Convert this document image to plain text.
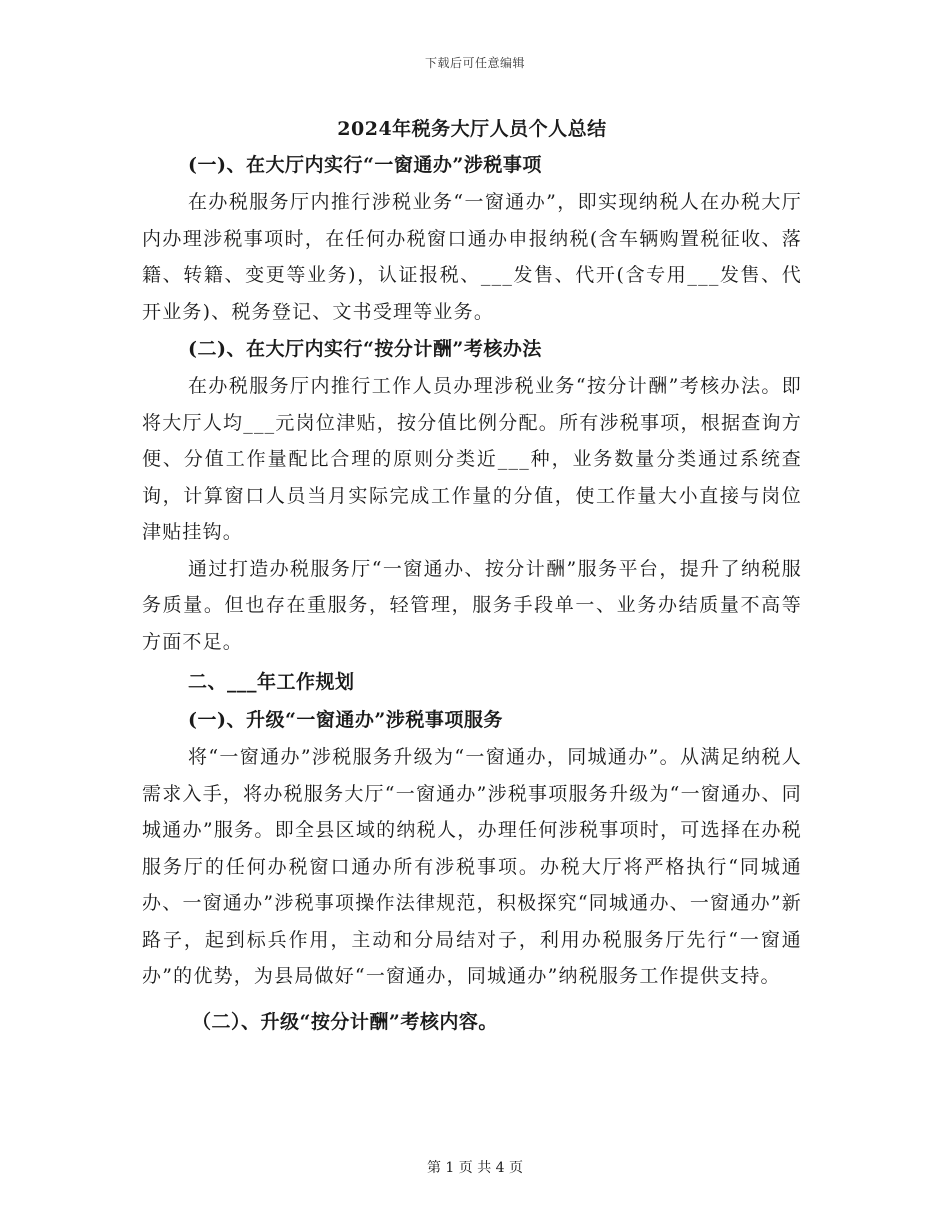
下载后可任意编辑
2024年税务大厅人员个人总结
(一)、在大厅内实行“一窗通办”涉税事项

在办税服务厅内推行涉税业务“一窗通办”，即实现纳税人在办税大厅内办理涉税事项时，在任何办税窗口通办申报纳税(含车辆购置税征收、落籍、转籍、变更等业务)，认证报税、___发售、代开(含专用___发售、代开业务)、税务登记、文书受理等业务。

(二)、在大厅内实行“按分计酬”考核办法

在办税服务厅内推行工作人员办理涉税业务“按分计酬”考核办法。即将大厅人均___元岗位津贴，按分值比例分配。所有涉税事项，根据查询方便、分值工作量配比合理的原则分类近___种，业务数量分类通过系统查询，计算窗口人员当月实际完成工作量的分值，使工作量大小直接与岗位津贴挂钩。

通过打造办税服务厅“一窗通办、按分计酬”服务平台，提升了纳税服务质量。但也存在重服务，轻管理，服务手段单一、业务办结质量不高等方面不足。

二、___年工作规划
(一)、升级“一窗通办”涉税事项服务

将“一窗通办”涉税服务升级为“一窗通办，同城通办”。从满足纳税人需求入手，将办税服务大厅“一窗通办”涉税事项服务升级为“一窗通办、同城通办”服务。即全县区域的纳税人，办理任何涉税事项时，可选择在办税服务厅的任何办税窗口通办所有涉税事项。办税大厅将严格执行“同城通办、一窗通办”涉税事项操作法律规范，积极探究“同城通办、一窗通办”新路子，起到标兵作用，主动和分局结对子，利用办税服务厅先行“一窗通办”的优势，为县局做好“一窗通办，同城通办”纳税服务工作提供支持。

（二）、升级“按分计酬”考核内容。
第 1 页 共 4 页
